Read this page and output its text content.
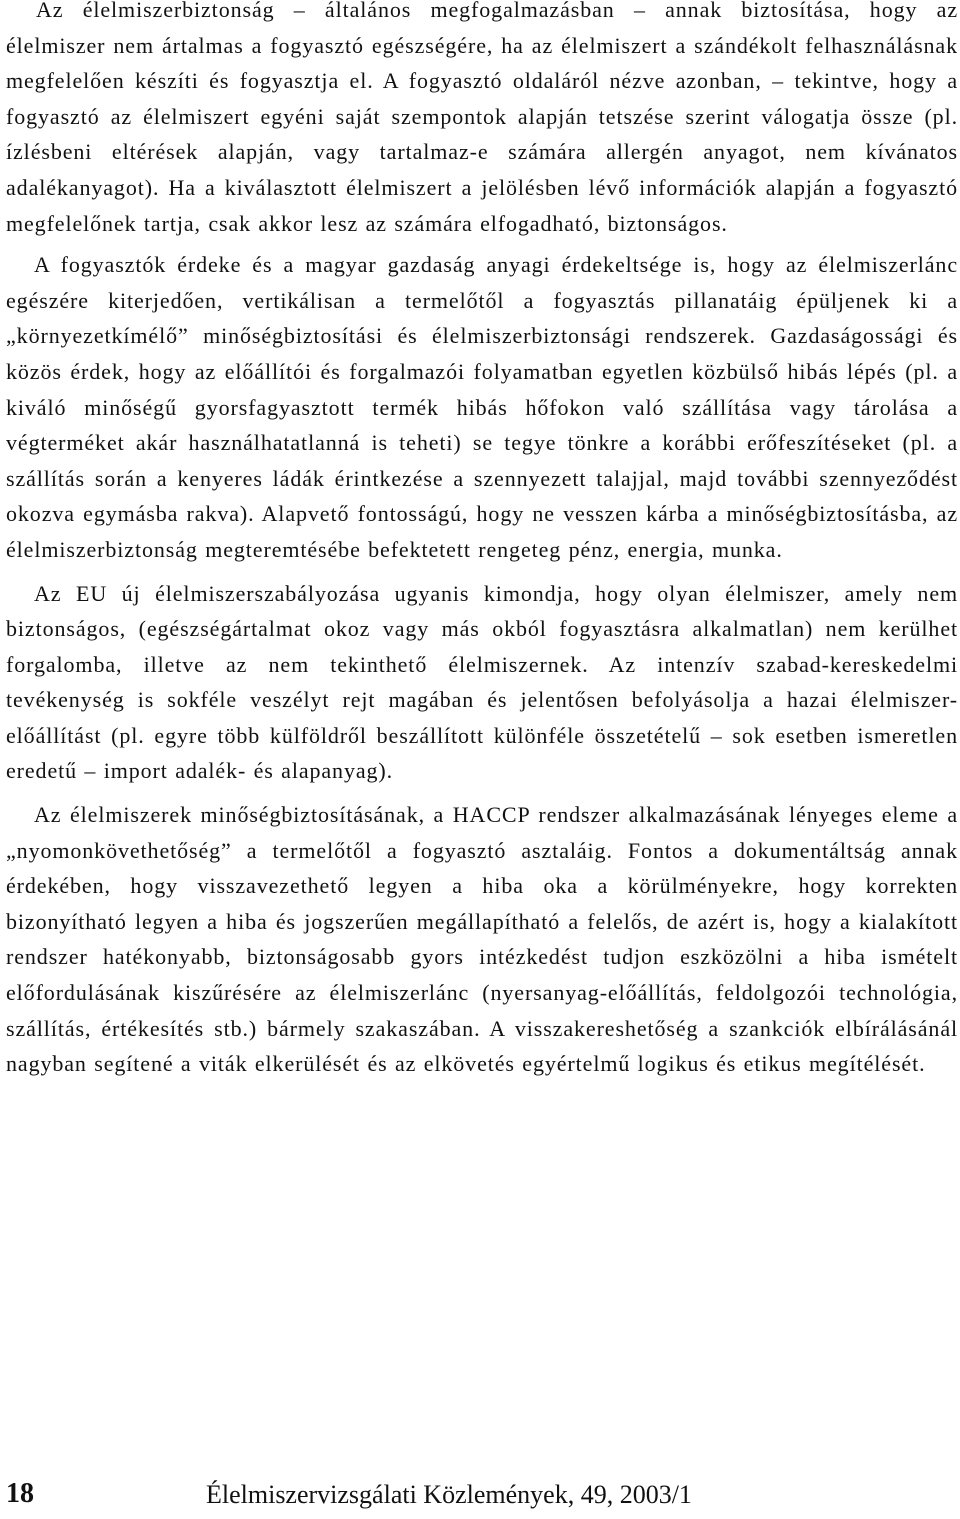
Az élelmiszerbiztonság – általános megfogalmazásban – annak biztosítása, hogy az élelmiszer nem ártalmas a fogyasztó egészségére, ha az élelmiszert a szándékolt felhasználásnak megfelelően készíti és fogyasztja el. A fogyasztó oldaláról nézve azonban, – tekintve, hogy a fogyasztó az élelmiszert egyéni saját szempontok alapján tetszése szerint válogatja össze (pl. ízlésbeni eltérések alapján, vagy tartalmaz-e számára allergén anyagot, nem kívánatos adalékanyagot). Ha a kiválasztott élelmiszert a jelölésben lévő információk alapján a fogyasztó megfelelőnek tartja, csak akkor lesz az számára elfogadható, biztonságos.

A fogyasztók érdeke és a magyar gazdaság anyagi érdekeltsége is, hogy az élelmiszerlánc egészére kiterjedően, vertikálisan a termelőtől a fogyasztás pillanatáig épüljenek ki a „környezetkímélő” minőségbiztosítási és élelmiszerbiztonsági rendszerek. Gazdaságossági és közös érdek, hogy az előállítói és forgalmazói folyamatban egyetlen közbülső hibás lépés (pl. a kiváló minőségű gyorsfagyasztott termék hibás hőfokon való szállítása vagy tárolása a végterméket akár használhatatlanná is teheti) se tegye tönkre a korábbi erőfeszítéseket (pl. a szállítás során a kenyeres ládák érintkezése a szennyezett talajjal, majd további szennyeződést okozva egymásba rakva). Alapvető fontosságú, hogy ne vesszen kárba a minőségbiztosításba, az élelmiszerbiztonság megteremtésébe befektetett rengeteg pénz, energia, munka.

Az EU új élelmiszerszabályozása ugyanis kimondja, hogy olyan élelmiszer, amely nem biztonságos, (egészségártalmat okoz vagy más okból fogyasztásra alkalmatlan) nem kerülhet forgalomba, illetve az nem tekinthető élelmiszernek. Az intenzív szabad-kereskedelmi tevékenység is sokféle veszélyt rejt magában és jelentősen befolyásolja a hazai élelmiszer-előállítást (pl. egyre több külföldről beszállított különféle összetételű – sok esetben ismeretlen eredetű – import adalék- és alapanyag).

Az élelmiszerek minőségbiztosításának, a HACCP rendszer alkalmazásának lényeges eleme a „nyomonkövethetőség” a termelőtől a fogyasztó asztaláig. Fontos a dokumentáltság annak érdekében, hogy visszavezethető legyen a hiba oka a körülményekre, hogy korrekten bizonyítható legyen a hiba és jogszerűen megállapítható a felelős, de azért is, hogy a kialakított rendszer hatékonyabb, biztonságosabb gyors intézkedést tudjon eszközölni a hiba ismételt előfordulásának kiszűrésére az élelmiszerlánc (nyersanyag-előállítás, feldolgozói technológia, szállítás, értékesítés stb.) bármely szakaszában. A visszakereshetőség a szankciók elbírálásánál nagyban segítené a viták elkerülését és az elkövetés egyértelmű logikus és etikus megítélését.

18	Élelmiszervizsgálati Közlemények, 49, 2003/1
